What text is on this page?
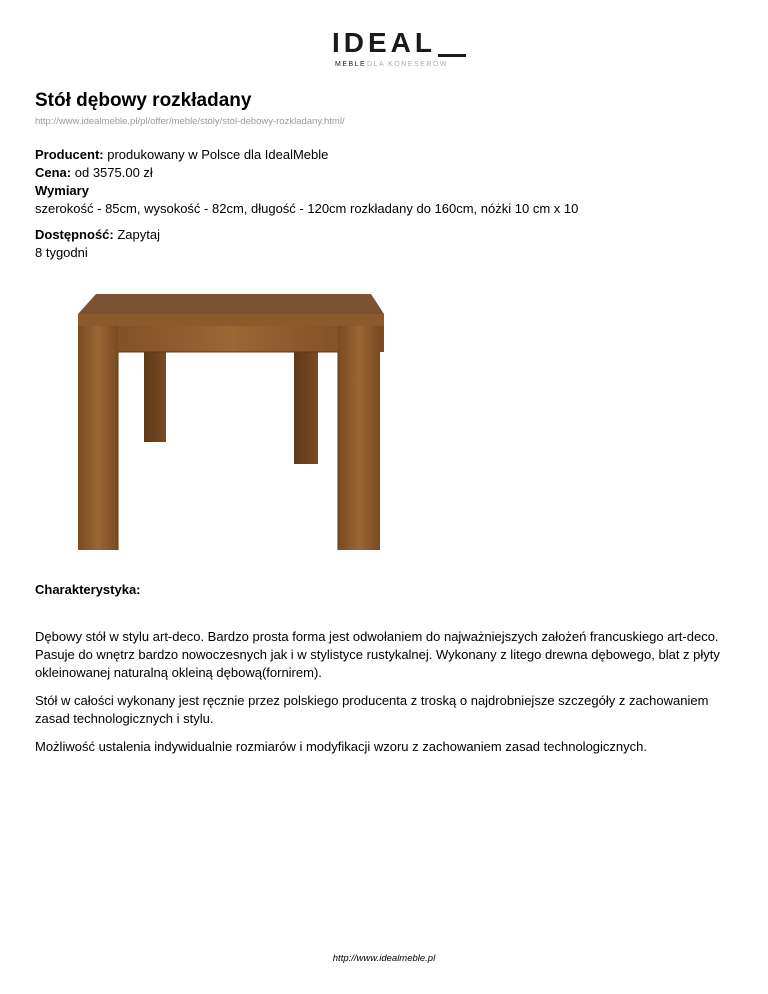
IDEAL
MEBLE DLA KONESERÓW
Stół dębowy rozkładany
http://www.idealmeble.pl/pl/offer/meble/stoly/stol-debowy-rozkladany.html/
Producent: produkowany w Polsce dla IdealMeble
Cena: od 3575.00 zł
Wymiary
szerokość - 85cm, wysokość - 82cm, długość - 120cm rozkładany do 160cm, nóżki 10 cm x 10
Dostępność: Zapytaj
8 tygodni
Charakterystyka:

Dębowy stół w stylu art-deco. Bardzo prosta forma jest odwołaniem do najważniejszych założeń francuskiego art-deco. Pasuje do wnętrz bardzo nowoczesnych jak i w stylistyce rustykalnej. Wykonany z litego drewna dębowego, blat z płyty okleinowanej naturalną okleiną dębową(fornirem).

Stół w całości wykonany jest ręcznie przez polskiego producenta z troską o najdrobniejsze szczegóły z zachowaniem zasad technologicznych i stylu.

Możliwość ustalenia indywidualnie rozmiarów i modyfikacji wzoru z zachowaniem zasad technologicznych.

http://www.idealmeble.pl
